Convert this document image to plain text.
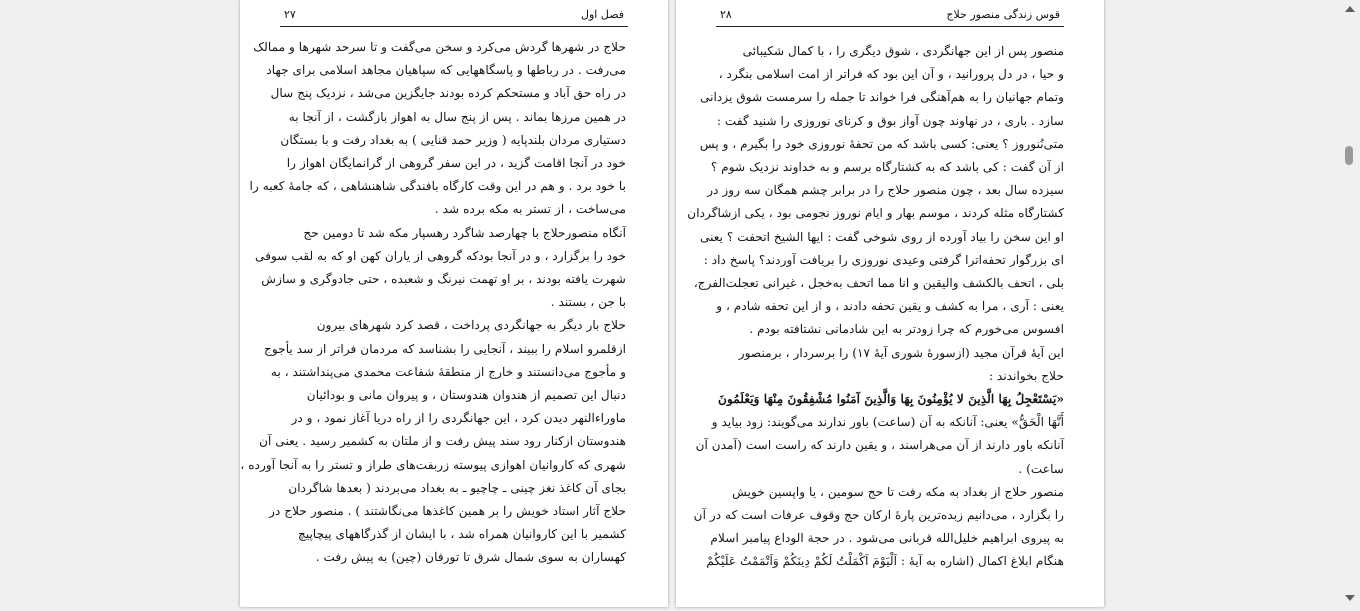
۲۷	فصل اول
حلاج در شهرها گردش می‌کرد و سخن می‌گفت و تا سرحد شهرها و ممالک
می‌رفت . در رباطها و پاسگاههایی که سپاهیان مجاهد اسلامی برای جهاد
در راه حق آباد و مستحکم کرده بودند جایگزین می‌شد ، نزدیک پنج سال
در همین مرزها بماند . پس از پنج سال به اهواز بازگشت ، از آنجا به
دستیاری مردان بلندپایه ( وزیر حمد قنایی ) به بغداد رفت و با بستگان
خود در آنجا اقامت گزید ، در این سفر گروهی از گرانمایگان اهواز را
با خود برد . و هم در این وقت کارگاه بافندگی شاهنشاهی ، که جامهٔ کعبه را
می‌ساخت ، از تستر به مکه برده شد .
آنگاه منصورحلاج با چهارصد شاگرد رهسپار مکه شد تا دومین حج
خود را برگزارد ، و در آنجا بودکه گروهی از یاران کهن او که به لقب سوفی
شهرت یافته بودند ، بر او تهمت نیرنگ و شعبده ، حتی جادوگری و سازش
با جن ، بستند .
حلاج بار دیگر به جهانگردی پرداخت ، قصد کرد شهرهای بیرون
ازقلمرو اسلام را ببیند ، آنجایی را بشناسد که مردمان فراتر از سد یأجوج
و مأجوج می‌دانستند و خارج از منطقهٔ شفاعت محمدی می‌پنداشتند ، به
دنبال این تصمیم از هندوان هندوستان ، و پیروان مانی و بودائیان
ماوراءالنهر دیدن کرد ، این جهانگردی را از راه دریا آغاز نمود ، و در
هندوستان ازکنار رود سند پیش رفت و از ملتان به کشمیر رسید . یعنی آن
شهری که کاروانیان اهوازی پیوسته زربفت‌های طراز و تستر را به آنجا آورده ،
بجای آن کاغذ نغز چینی ـ چاچیو ـ به بغداد می‌بردند ( بعدها شاگردان
حلاج آثار استاد خویش را بر همین کاغذها می‌نگاشتند ) . منصور حلاج در
کشمیر با این کاروانیان همراه شد ، با ایشان از گذرگاههای پیچاپیچ
کهساران به سوی شمال شرق تا تورفان (چین) به پیش رفت .
۲۸	قوس زندگی منصور حلاج
منصور پس از این جهانگردی ، شوق دیگری را ، با کمال شکیبائی
و حیا ، در دل پرورانید ، و آن این بود که فراتر از امت اسلامی بنگرد ،
وتمام جهانیان را به هم‌آهنگی فرا خواند تا جمله را سرمست شوق یزدانی
سازد . باری ، در نهاوند چون آواز بوق و کرنای نوروزی را شنید گفت :
متی‌نُنوروز ؟ یعنی: کسی باشد که من تحفهٔ نوروزی خود را بگیرم ، و پس
از آن گفت : کی باشد که به کشتارگاه برسم و به خداوند نزدیک شوم ؟
سیزده سال بعد ، چون منصور حلاج را در برابر چشم همگان سه روز در
کشتارگاه مثله کردند ، موسم بهار و ایام نوروز نجومی بود ، یکی ازشاگردان
او این سخن را بیاد آورده از روی شوخی گفت : ایها الشیخ اتحفت ؟ یعنی
ای بزرگوار تحفه‌اترا گرفتی وعیدی نوروزی را بریافت آوردند؟ پاسخ داد :
بلی ، اتحف بالکشف والیقین و انا مما اتحف به‌خجل ، غیرانی تعجلت‌الفرج،
یعنی : آری ، مرا به کشف و یقین تحفه دادند ، و از این تحفه شادم ، و
افسوس می‌خورم که چرا زودتر به این شادمانی نشتافته بودم .
این آیهٔ قرآن مجید (ازسورهٔ شوری آیهٔ ۱۷) را برسردار ، برمنصور
حلاج بخواندند :
«یَسْتَعْجِلُ بِهَا الَّذِینَ لا یُؤْمِنُونَ بِهَا وَالَّذِینَ آمَنُوا مُشْفِقُونَ مِنْهَا وَیَعْلَمُونَ
أَنَّهَا الْحَقُّ» یعنی: آنانکه به آن (ساعت) باور ندارند می‌گویند: زود بیاید و
آنانکه باور دارند از آن می‌هراسند ، و یقین دارند که راست است (آمدن آن
ساعت) .
منصور حلاج از بغداد به مکه رفت تا حج سومین ، یا واپسین خویش
را بگزارد ، می‌دانیم زبده‌ترین پارهٔ ارکان حج وقوف عرفات است که در آن
به پیروی ابراهیم خلیل‌الله قربانی می‌شود . در حجة الوداع پیامبر اسلام
هنگام ابلاغ اکمال (اشاره به آیهٔ : اَلْیَوْمَ اَکْمَلْتُ لَکُمْ دِینَکُمْ وَاَتْمَمْتُ عَلَیْکُمْ
